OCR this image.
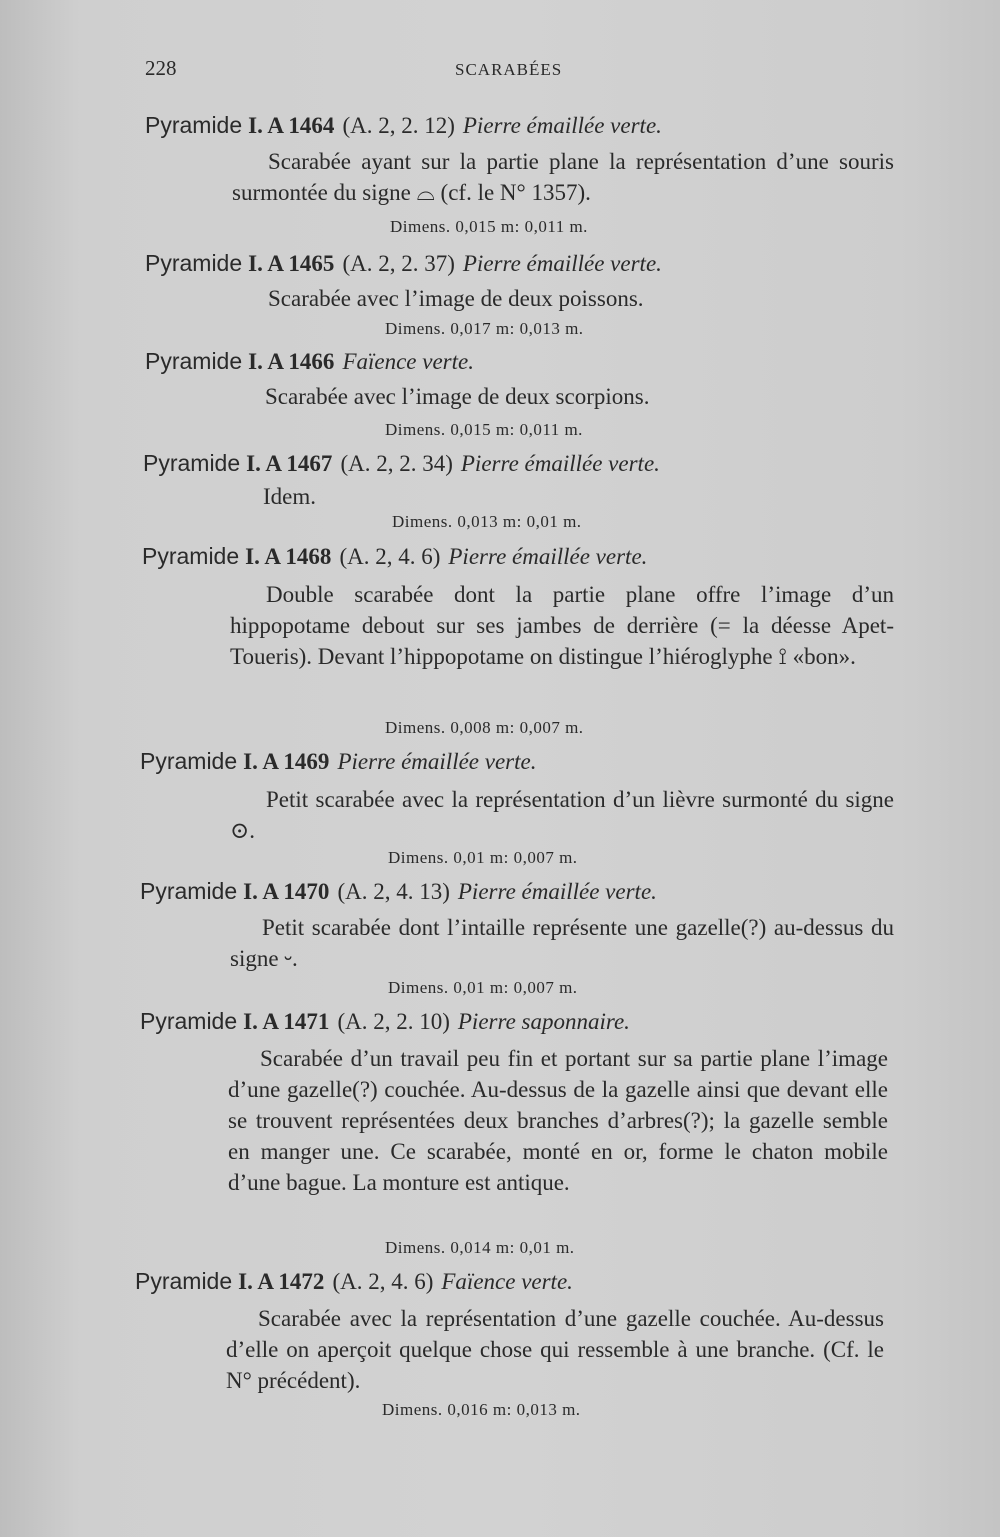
228	SCARABÉES
Pyramide I. A 1464 (A. 2, 2. 12) Pierre émaillée verte.
Scarabée ayant sur la partie plane la représentation d’une souris surmontée du signe ⌓ (cf. le N° 1357).
Dimens. 0,015 m: 0,011 m.
Pyramide I. A 1465 (A. 2, 2. 37) Pierre émaillée verte.
Scarabée avec l’image de deux poissons.
Dimens. 0,017 m: 0,013 m.
Pyramide I. A 1466 Faïence verte.
Scarabée avec l’image de deux scorpions.
Dimens. 0,015 m: 0,011 m.
Pyramide I. A 1467 (A. 2, 2. 34) Pierre émaillée verte.
Idem.
Dimens. 0,013 m: 0,01 m.
Pyramide I. A 1468 (A. 2, 4. 6) Pierre émaillée verte.
Double scarabée dont la partie plane offre l’image d’un hippopotame debout sur ses jambes de derrière (= la déesse Apet-Toueris). Devant l’hippopotame on distingue l’hiéroglyphe ⟟ «bon».
Dimens. 0,008 m: 0,007 m.
Pyramide I. A 1469 Pierre émaillée verte.
Petit scarabée avec la représentation d’un lièvre surmonté du signe ⊙.
Dimens. 0,01 m: 0,007 m.
Pyramide I. A 1470 (A. 2, 4. 13) Pierre émaillée verte.
Petit scarabée dont l’intaille représente une gazelle(?) au-dessus du signe ⏑.
Dimens. 0,01 m: 0,007 m.
Pyramide I. A 1471 (A. 2, 2. 10) Pierre saponnaire.
Scarabée d’un travail peu fin et portant sur sa partie plane l’image d’une gazelle(?) couchée. Au-dessus de la gazelle ainsi que devant elle se trouvent représentées deux branches d’arbres(?); la gazelle semble en manger une. Ce scarabée, monté en or, forme le chaton mobile d’une bague. La monture est antique.
Dimens. 0,014 m: 0,01 m.
Pyramide I. A 1472 (A. 2, 4. 6) Faïence verte.
Scarabée avec la représentation d’une gazelle couchée. Au-dessus d’elle on aperçoit quelque chose qui ressemble à une branche. (Cf. le N° précédent).
Dimens. 0,016 m: 0,013 m.
